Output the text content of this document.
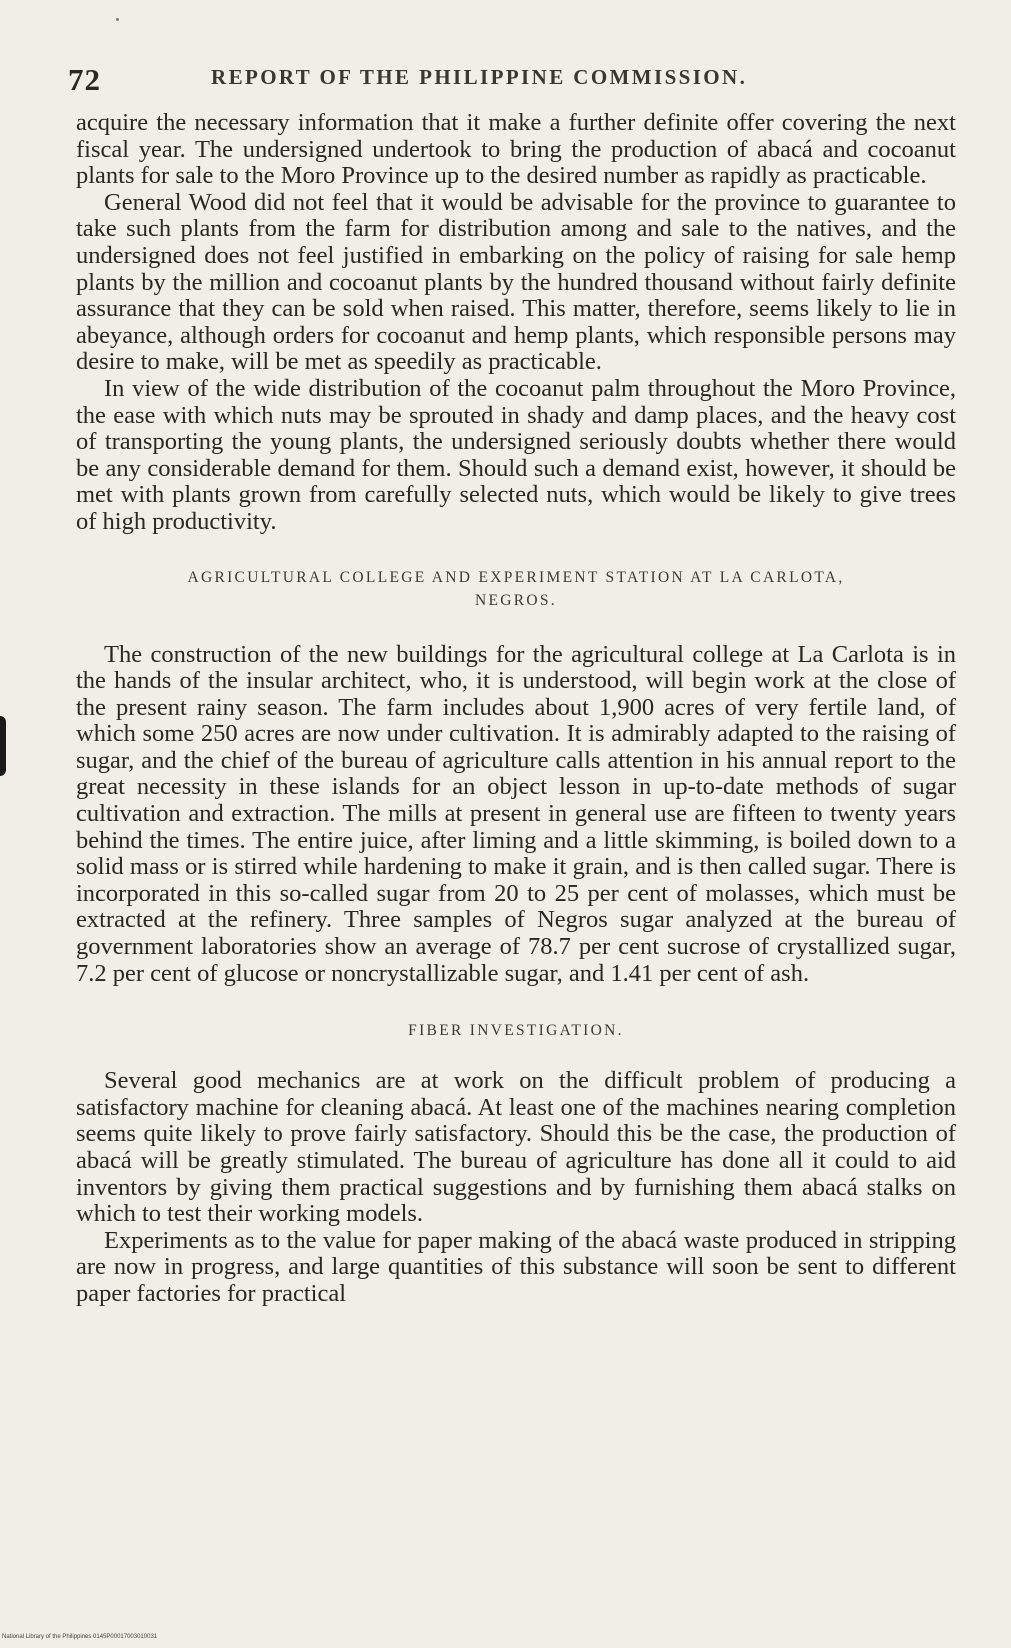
72	REPORT OF THE PHILIPPINE COMMISSION.

acquire the necessary information that it make a further definite offer covering the next fiscal year. The undersigned undertook to bring the production of abacá and cocoanut plants for sale to the Moro Province up to the desired number as rapidly as practicable.

General Wood did not feel that it would be advisable for the province to guarantee to take such plants from the farm for distribution among and sale to the natives, and the undersigned does not feel justified in embarking on the policy of raising for sale hemp plants by the million and cocoanut plants by the hundred thousand without fairly definite assurance that they can be sold when raised. This matter, therefore, seems likely to lie in abeyance, although orders for cocoanut and hemp plants, which responsible persons may desire to make, will be met as speedily as practicable.

In view of the wide distribution of the cocoanut palm throughout the Moro Province, the ease with which nuts may be sprouted in shady and damp places, and the heavy cost of transporting the young plants, the undersigned seriously doubts whether there would be any considerable demand for them. Should such a demand exist, however, it should be met with plants grown from carefully selected nuts, which would be likely to give trees of high productivity.

AGRICULTURAL COLLEGE AND EXPERIMENT STATION AT LA CARLOTA,
NEGROS.

The construction of the new buildings for the agricultural college at La Carlota is in the hands of the insular architect, who, it is understood, will begin work at the close of the present rainy season. The farm includes about 1,900 acres of very fertile land, of which some 250 acres are now under cultivation. It is admirably adapted to the raising of sugar, and the chief of the bureau of agriculture calls attention in his annual report to the great necessity in these islands for an object lesson in up-to-date methods of sugar cultivation and extraction. The mills at present in general use are fifteen to twenty years behind the times. The entire juice, after liming and a little skimming, is boiled down to a solid mass or is stirred while hardening to make it grain, and is then called sugar. There is incorporated in this so-called sugar from 20 to 25 per cent of molasses, which must be extracted at the refinery. Three samples of Negros sugar analyzed at the bureau of government laboratories show an average of 78.7 per cent sucrose of crystallized sugar, 7.2 per cent of glucose or noncrystallizable sugar, and 1.41 per cent of ash.

FIBER INVESTIGATION.

Several good mechanics are at work on the difficult problem of producing a satisfactory machine for cleaning abacá. At least one of the machines nearing completion seems quite likely to prove fairly satisfactory. Should this be the case, the production of abacá will be greatly stimulated. The bureau of agriculture has done all it could to aid inventors by giving them practical suggestions and by furnishing them abacá stalks on which to test their working models.

Experiments as to the value for paper making of the abacá waste produced in stripping are now in progress, and large quantities of this substance will soon be sent to different paper factories for practical

National Library of the Philippines 0145P00017003010031
